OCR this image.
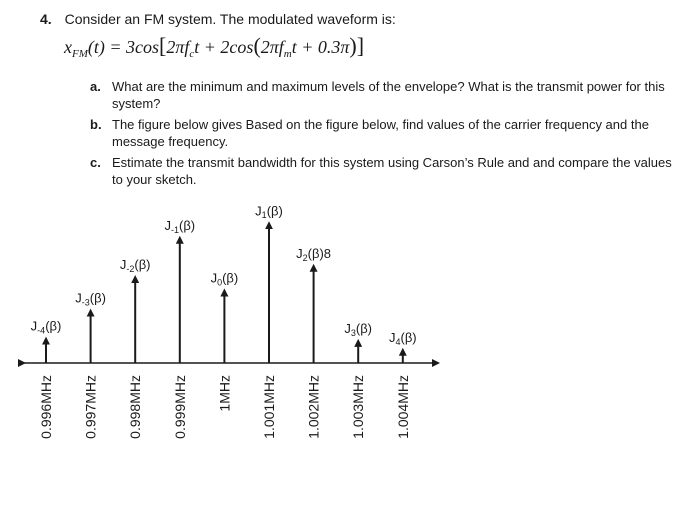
4. Consider an FM system. The modulated waveform is:
$x_{FM}(t) = 3\cos[2\pi f_ct + 2\cos(2\pi f_mt + 0.3\pi)]$
a. What are the minimum and maximum levels of the envelope? What is the transmit power for this system?
b. The figure below gives Based on the figure below, find values of the carrier frequency and the message frequency.
c. Estimate the transmit bandwidth for this system using Carson’s Rule and and compare the values to your sketch.
$J_{-4}(\beta)$
0.996MHz
$J_{-3}(\beta)$
0.997MHz
$J_{-2}(\beta)$
0.998MHz
$J_{-1}(\beta)$
0.999MHz
$J_0(\beta)$
1MHz
$J_1(\beta)$
1.001MHz
$J_2(\beta)8$
1.002MHz
$J_3(\beta)$
1.003MHz
$J_4(\beta)$
1.004MHz
